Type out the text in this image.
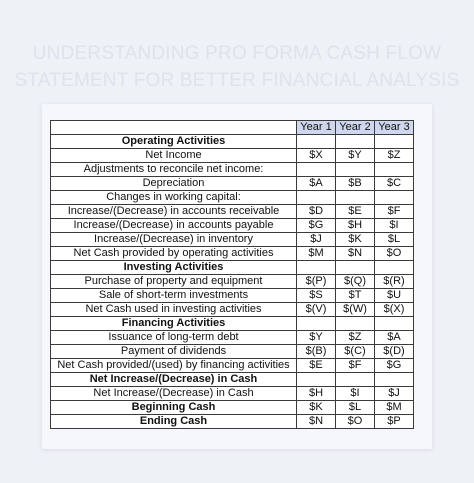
UNDERSTANDING PRO FORMA CASH FLOW
STATEMENT FOR BETTER FINANCIAL ANALYSIS
	Year 1	Year 2	Year 3
Operating Activities			
Net Income	$X	$Y	$Z
Adjustments to reconcile net income:			
Depreciation	$A	$B	$C
Changes in working capital:			
Increase/(Decrease) in accounts receivable	$D	$E	$F
Increase/(Decrease) in accounts payable	$G	$H	$I
Increase/(Decrease) in inventory	$J	$K	$L
Net Cash provided by operating activities	$M	$N	$O
Investing Activities			
Purchase of property and equipment	$(P)	$(Q)	$(R)
Sale of short-term investments	$S	$T	$U
Net Cash used in investing activities	$(V)	$(W)	$(X)
Financing Activities			
Issuance of long-term debt	$Y	$Z	$A
Payment of dividends	$(B)	$(C)	$(D)
Net Cash provided/(used) by financing activities	$E	$F	$G
Net Increase/(Decrease) in Cash			
Net Increase/(Decrease) in Cash	$H	$I	$J
Beginning Cash	$K	$L	$M
Ending Cash	$N	$O	$P
